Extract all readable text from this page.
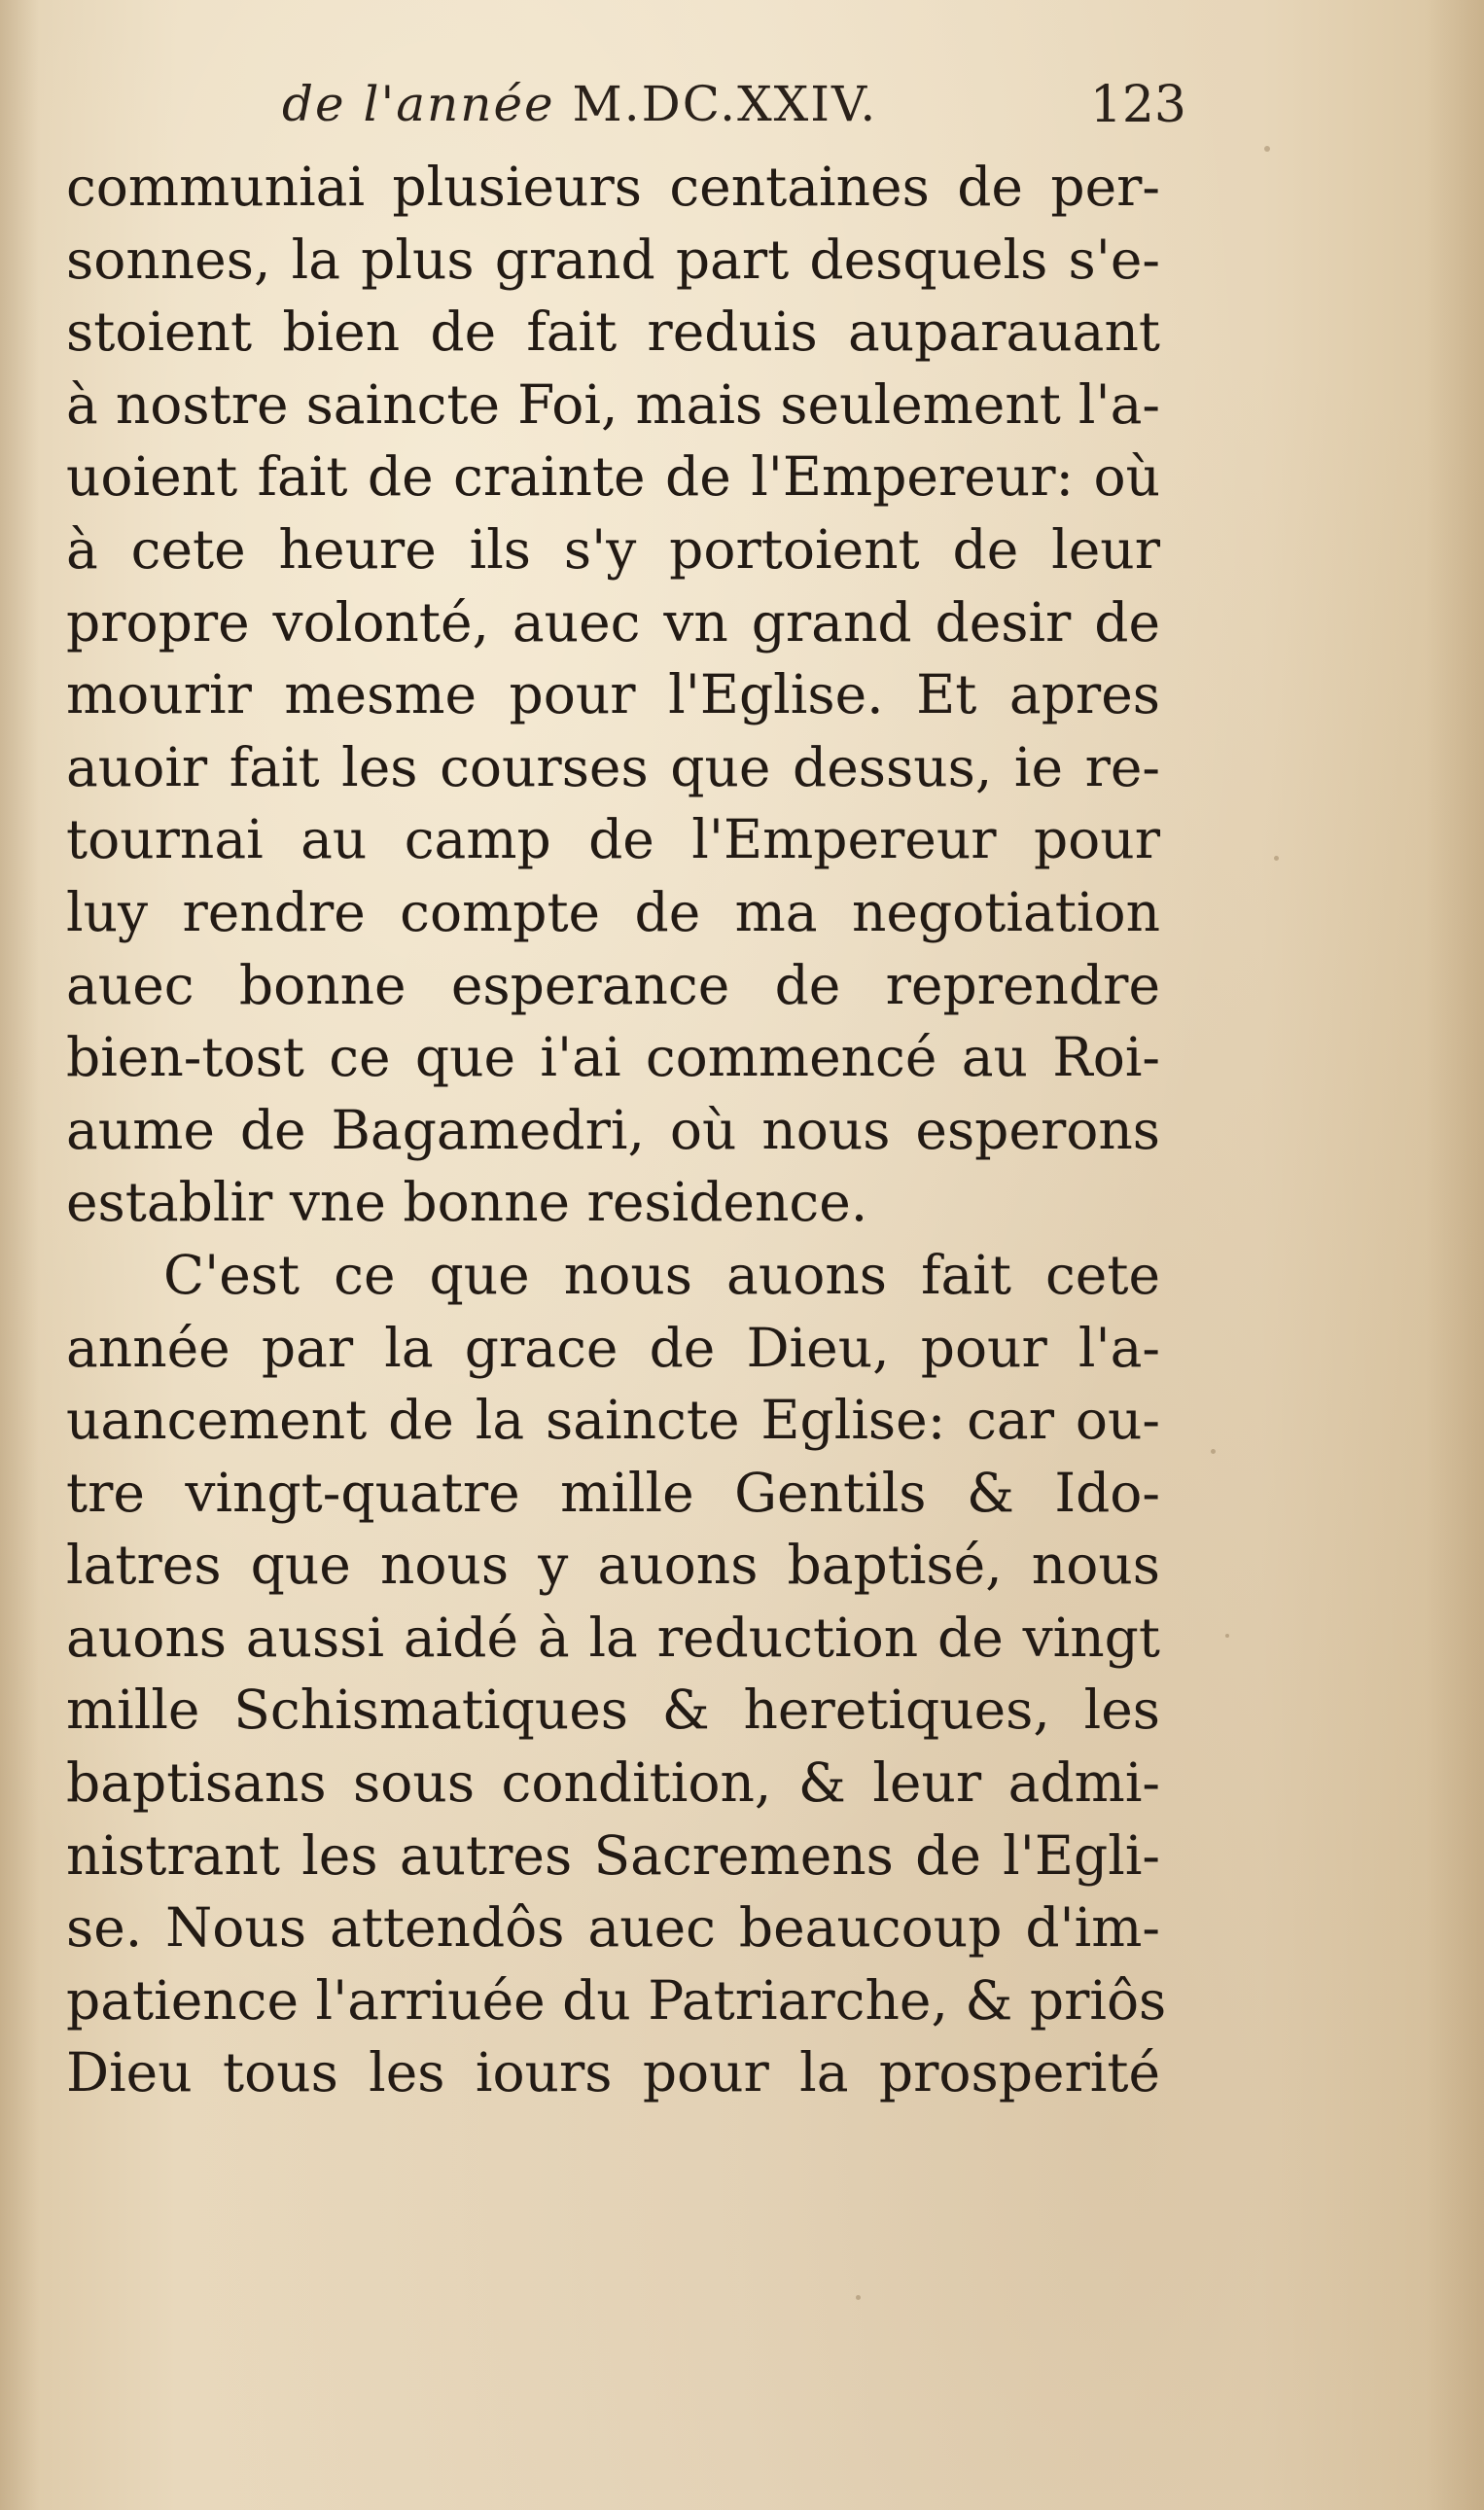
de l'année M.DC.XXIV.	123
communiai plusieurs centaines de per-
sonnes, la plus grand part desquels s'e-
stoient bien de fait reduis auparauant
à nostre saincte Foi, mais seulement l'a-
uoient fait de crainte de l'Empereur: où
à cete heure ils s'y portoient de leur
propre volonté, auec vn grand desir de
mourir mesme pour l'Eglise. Et apres
auoir fait les courses que dessus, ie re-
tournai au camp de l'Empereur pour
luy rendre compte de ma negotiation
auec bonne esperance de reprendre
bien-tost ce que i'ai commencé au Roi-
aume de Bagamedri, où nous esperons
establir vne bonne residence.
C'est ce que nous auons fait cete
année par la grace de Dieu, pour l'a-
uancement de la saincte Eglise: car ou-
tre vingt-quatre mille Gentils & Ido-
latres que nous y auons baptisé, nous
auons aussi aidé à la reduction de vingt
mille Schismatiques & heretiques, les
baptisans sous condition, & leur admi-
nistrant les autres Sacremens de l'Egli-
se. Nous attendôs auec beaucoup d'im-
patience l'arriuée du Patriarche, & priôs
Dieu tous les iours pour la prosperité
